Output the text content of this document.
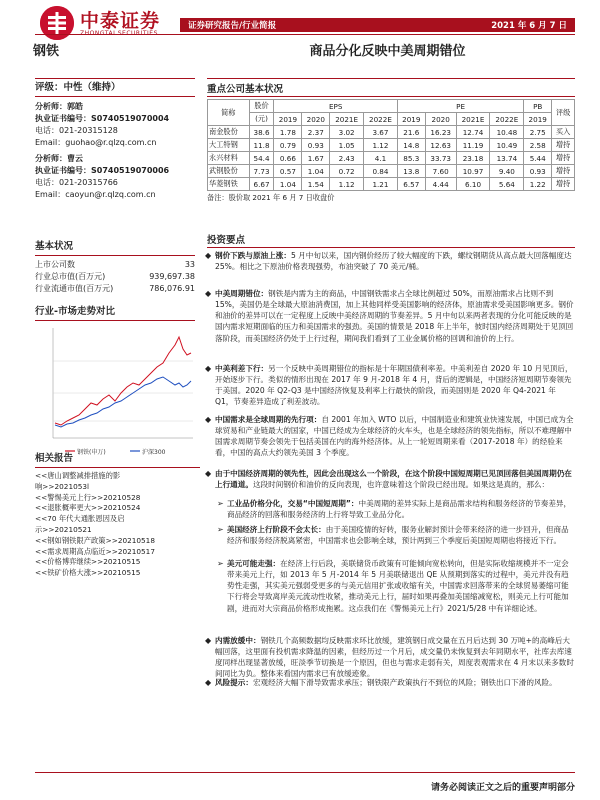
中泰证券	证券研究报告/行业简报	2021 年 6 月 7 日
钢铁	商品分化反映中美周期错位
评级：中性（维持）
分析师：郭皓
执业证书编号：S0740519070004
电话：021-20315128
Email：guohao@r.qlzq.com.cn
分析师：曹云
执业证书编号：S0740519070006
电话：021-20315766
Email：caoyun@r.qlzq.com.cn
基本状况
上市公司数	33
行业总市值(百万元)	939,697.38
行业流通市值(百万元)	786,076.91
行业-市场走势对比
钢铁(申万)	沪深300
相关报告
<<唐山调整减排措施的影
响>>2021053l
<<警惕美元上行>>20210528
<<退胀概率更大>>20210524
<<70 年代大通胀恩因及启
示>>20210521
<<钢如钢铁限产政策>>20210518
<<需求周期高点临近>>20210517
<<价格博弈继续>>20210515
<<铁矿价格大涨>>20210515
重点公司基本状况
简称	股价	EPS				PE				PB	评级
	(元)	2019	2020	2021E	2022E	2019	2020	2021E	2022E	2019	
南金股份	38.6	1.78	2.37	3.02	3.67	21.6	16.23	12.74	10.48	2.75	买入
大工特钢	11.8	0.79	0.93	1.05	1.12	14.8	12.63	11.19	10.49	2.58	增持
永兴材料	54.4	0.66	1.67	2.43	4.1	85.3	33.73	23.18	13.74	5.44	增持
武钢股份	7.73	0.57	1.04	0.72	0.84	13.8	7.60	10.97	9.40	0.93	增持
华菱钢铁	6.67	1.04	1.54	1.12	1.21	6.57	4.44	6.10	5.64	1.22	增持
备注：股价取 2021 年 6 月 7 日收盘价
投资要点
◆ 钢价下跌与原油上涨：5 月中旬以来，国内钢价经历了较大幅度的下跌，螺纹钢期货从高点最大回落幅度达 25%。相比之下原油价格表现强势，布油突破了 70 美元/桶。
◆ 中美周期错位：钢铁是内需为主的商品，中国钢铁需求占全球比例超过 50%，而原油需求占比则不到 15%，美国仍是全球最大原油消费国，加上其他同样受美国影响的经济体，原油需求受美国影响更多。钢价和油价的差异可以在一定程度上反映中美经济周期的节奏差异。5 月中旬以来两者表现的分化可能反映的是国内需求短期面临的压力和美国需求的强劲。美国的情景是 2018 年上半年，彼时国内经济周期处于见顶回落阶段，而美国经济仍处于上行过程，期间我们看到了工业金属价格的回调和油价的上行。
◆ 中美利差下行：另一个反映中美周期错位的指标是十年期国债利率差。中美利差自 2020 年 10 月见顶后，开始逐步下行。类似的情形出现在 2017 年 9 月-2018 年 4 月，背后的逻辑是，中国经济短周期节奏领先于美国。2020 年 Q2-Q3 是中国经济恢复及利率上行最快的阶段，而美国则是 2020 年 Q4-2021 年 Q1，节奏差异造成了利差波动。
◆ 中国需求是全球周期的先行项：自 2001 年加入 WTO 以后，中国制造业和建筑业快速发展，中国已成为全球贸易和产业链最大的国家，中国已经成为全球经济的火车头，也是全球经济的领先指标，所以不难理解中国需求周期节奏会领先于包括美国在内的海外经济体。从上一轮短周期来看（2017-2018 年）的经验来看，中国的高点大约领先美国 3 个季度。
◆ 由于中国经济周期的领先性，因此会出现这么一个阶段，在这个阶段中国短周期已见顶回落但美国周期仍在上行通道。这段时间钢价和油价的反向表现，也许意味着这个阶段已经出现。如果这是真的，那么：
➢ 工业品价格分化，交易“中国短周期”：中美周期的差异实际上是商品需求结构和服务经济的节奏差异，商品经济的回落和服务经济的上行将导致工业品分化。
➢ 美国经济上行阶段不会太长：由于美国疫情的好转，服务业解封预计会带来经济的进一步回升，但商品经济和服务经济脱离紧密，中国需求也会影响全球，预计两到三个季度后美国短周期也将接近下行。
➢ 美元可能走强：在经济上行后段，美联储货币政策有可能倾向宽松转向，但是实际收缩规模并不一定会带来美元上行，如 2013 年 5 月-2014 年 5 月美联储退出 QE 从预期到落实的过程中，美元并没有趋势性走强，其实美元强弱受更多的与美元信用扩张或收缩有关，中国需求回落带来的全球贸易萎缩可能下行将会导致离岸美元流动性收紧，推动美元上行，届时如果再叠加美国缩减宽松，则美元上行可能加剧，进而对大宗商品价格形成拖累。这点我们在《警惕美元上行》2021/5/28 中有详细论述。
◆ 内需放缓中：钢铁几个高频数据均反映需求环比放缓，建筑钢日成交量在五月后达到 30 万吨+的高峰后大幅回落，这里面有投机需求降温的因素，但经历过一个月后，成交量仍未恢复到去年同期水平，社库去库速度同样出现显著放缓，旺淡季节切换是一个原因，但也与需求走弱有关，周度表观需求在 4 月末以来多数时间同比为负。整体来看国内需求已有放缓迹象。
◆ 风险提示：宏观经济大幅下滑导致需求承压；钢铁限产政策执行不到位的风险；钢铁出口下滑的风险。
请务必阅读正文之后的重要声明部分
